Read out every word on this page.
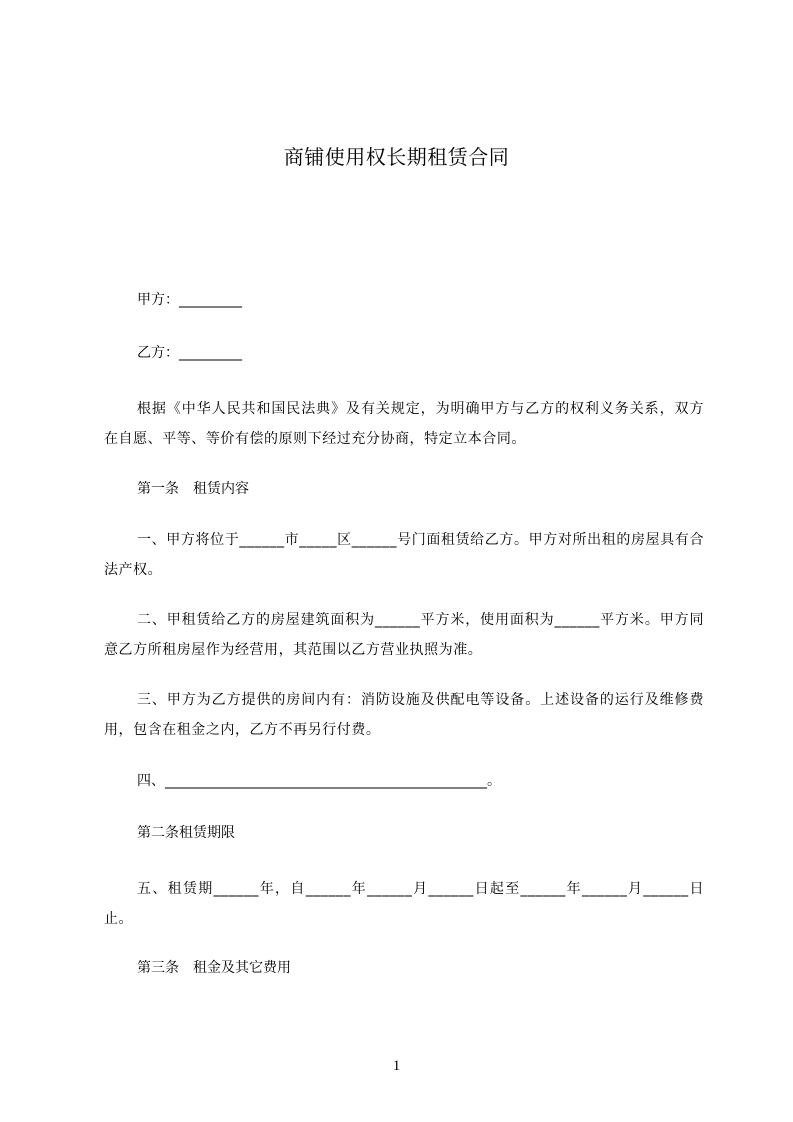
商铺使用权长期租赁合同

甲方：_________

乙方：_________

根据《中华人民共和国民法典》及有关规定，为明确甲方与乙方的权利义务关系，双方在自愿、平等、等价有偿的原则下经过充分协商，特定立本合同。

第一条　租赁内容

一、甲方将位于______市_____区______号门面租赁给乙方。甲方对所出租的房屋具有合法产权。

二、甲租赁给乙方的房屋建筑面积为______平方米，使用面积为______平方米。甲方同意乙方所租房屋作为经营用，其范围以乙方营业执照为准。

三、甲方为乙方提供的房间内有：消防设施及供配电等设备。上述设备的运行及维修费用，包含在租金之内，乙方不再另行付费。

四、______________________________________________。

第二条租赁期限

五、租赁期______年，自______年______月______日起至______年______月______日止。

第三条　租金及其它费用

1
